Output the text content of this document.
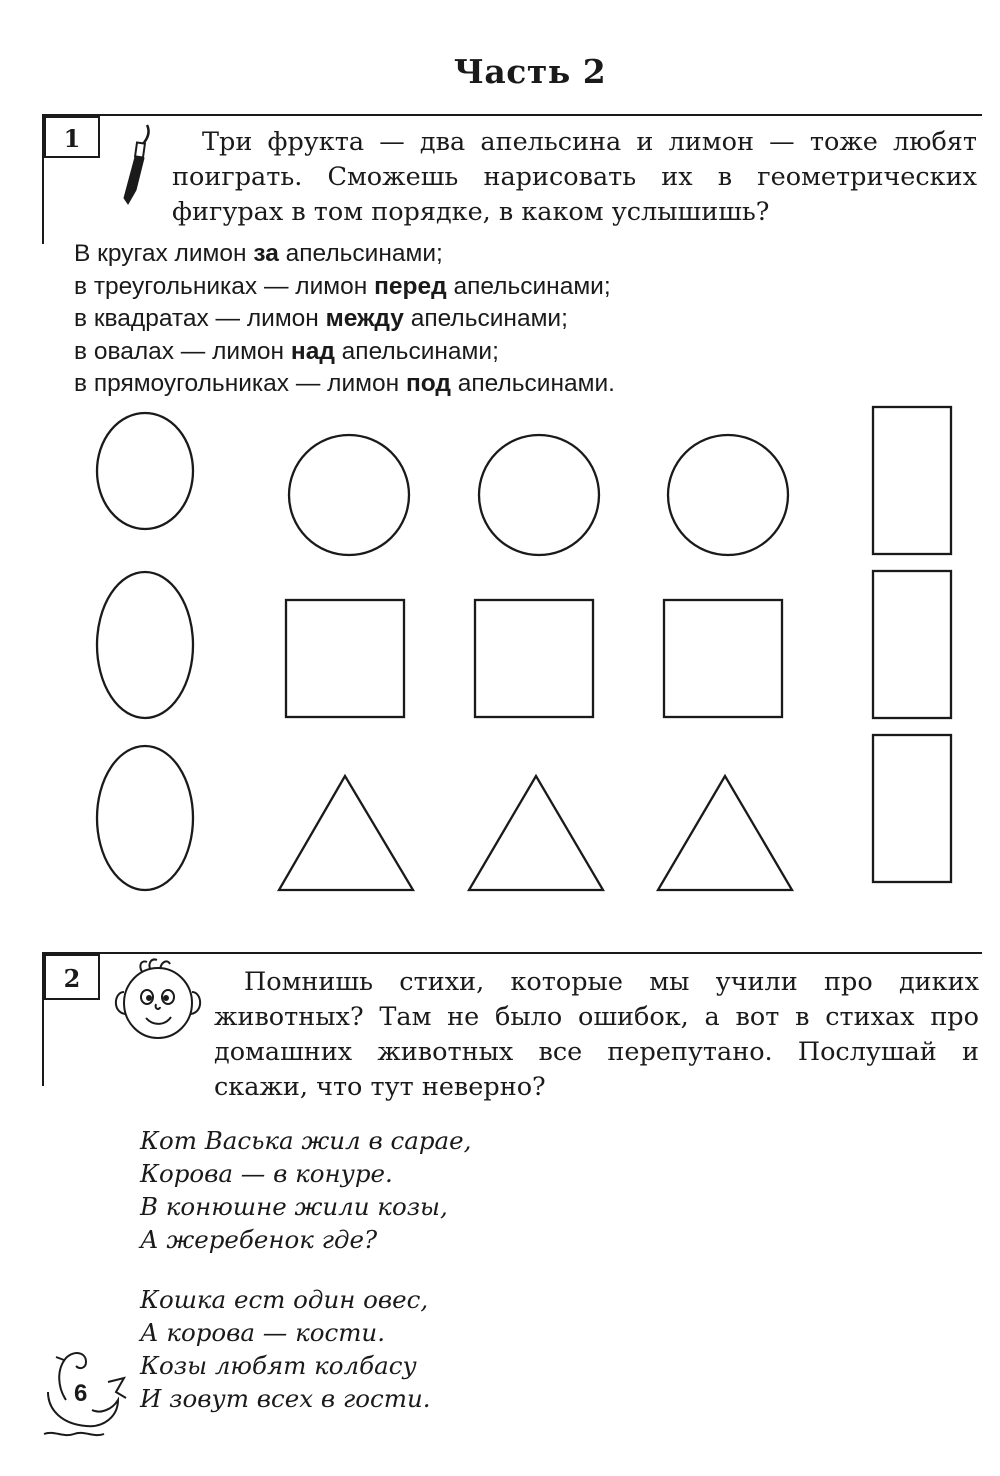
Часть 2
1	Три фрукта — два апельсина и лимон — тоже любят поиграть. Сможешь нарисовать их в геометрических фигурах в том порядке, в каком услышишь?
В кругах лимон за апельсинами;
в треугольниках — лимон перед апельсинами;
в квадратах — лимон между апельсинами;
в овалах — лимон над апельсинами;
в прямоугольниках — лимон под апельсинами.
2	Помнишь стихи, которые мы учили про диких животных? Там не было ошибок, а вот в стихах про домашних животных все перепутано. Послушай и скажи, что тут неверно?
Кот Васька жил в сарае,
Корова — в конуре.
В конюшне жили козы,
А жеребенок где?
Кошка ест один овес,
А корова — кости.
Козы любят колбасу
И зовут всех в гости.
6
